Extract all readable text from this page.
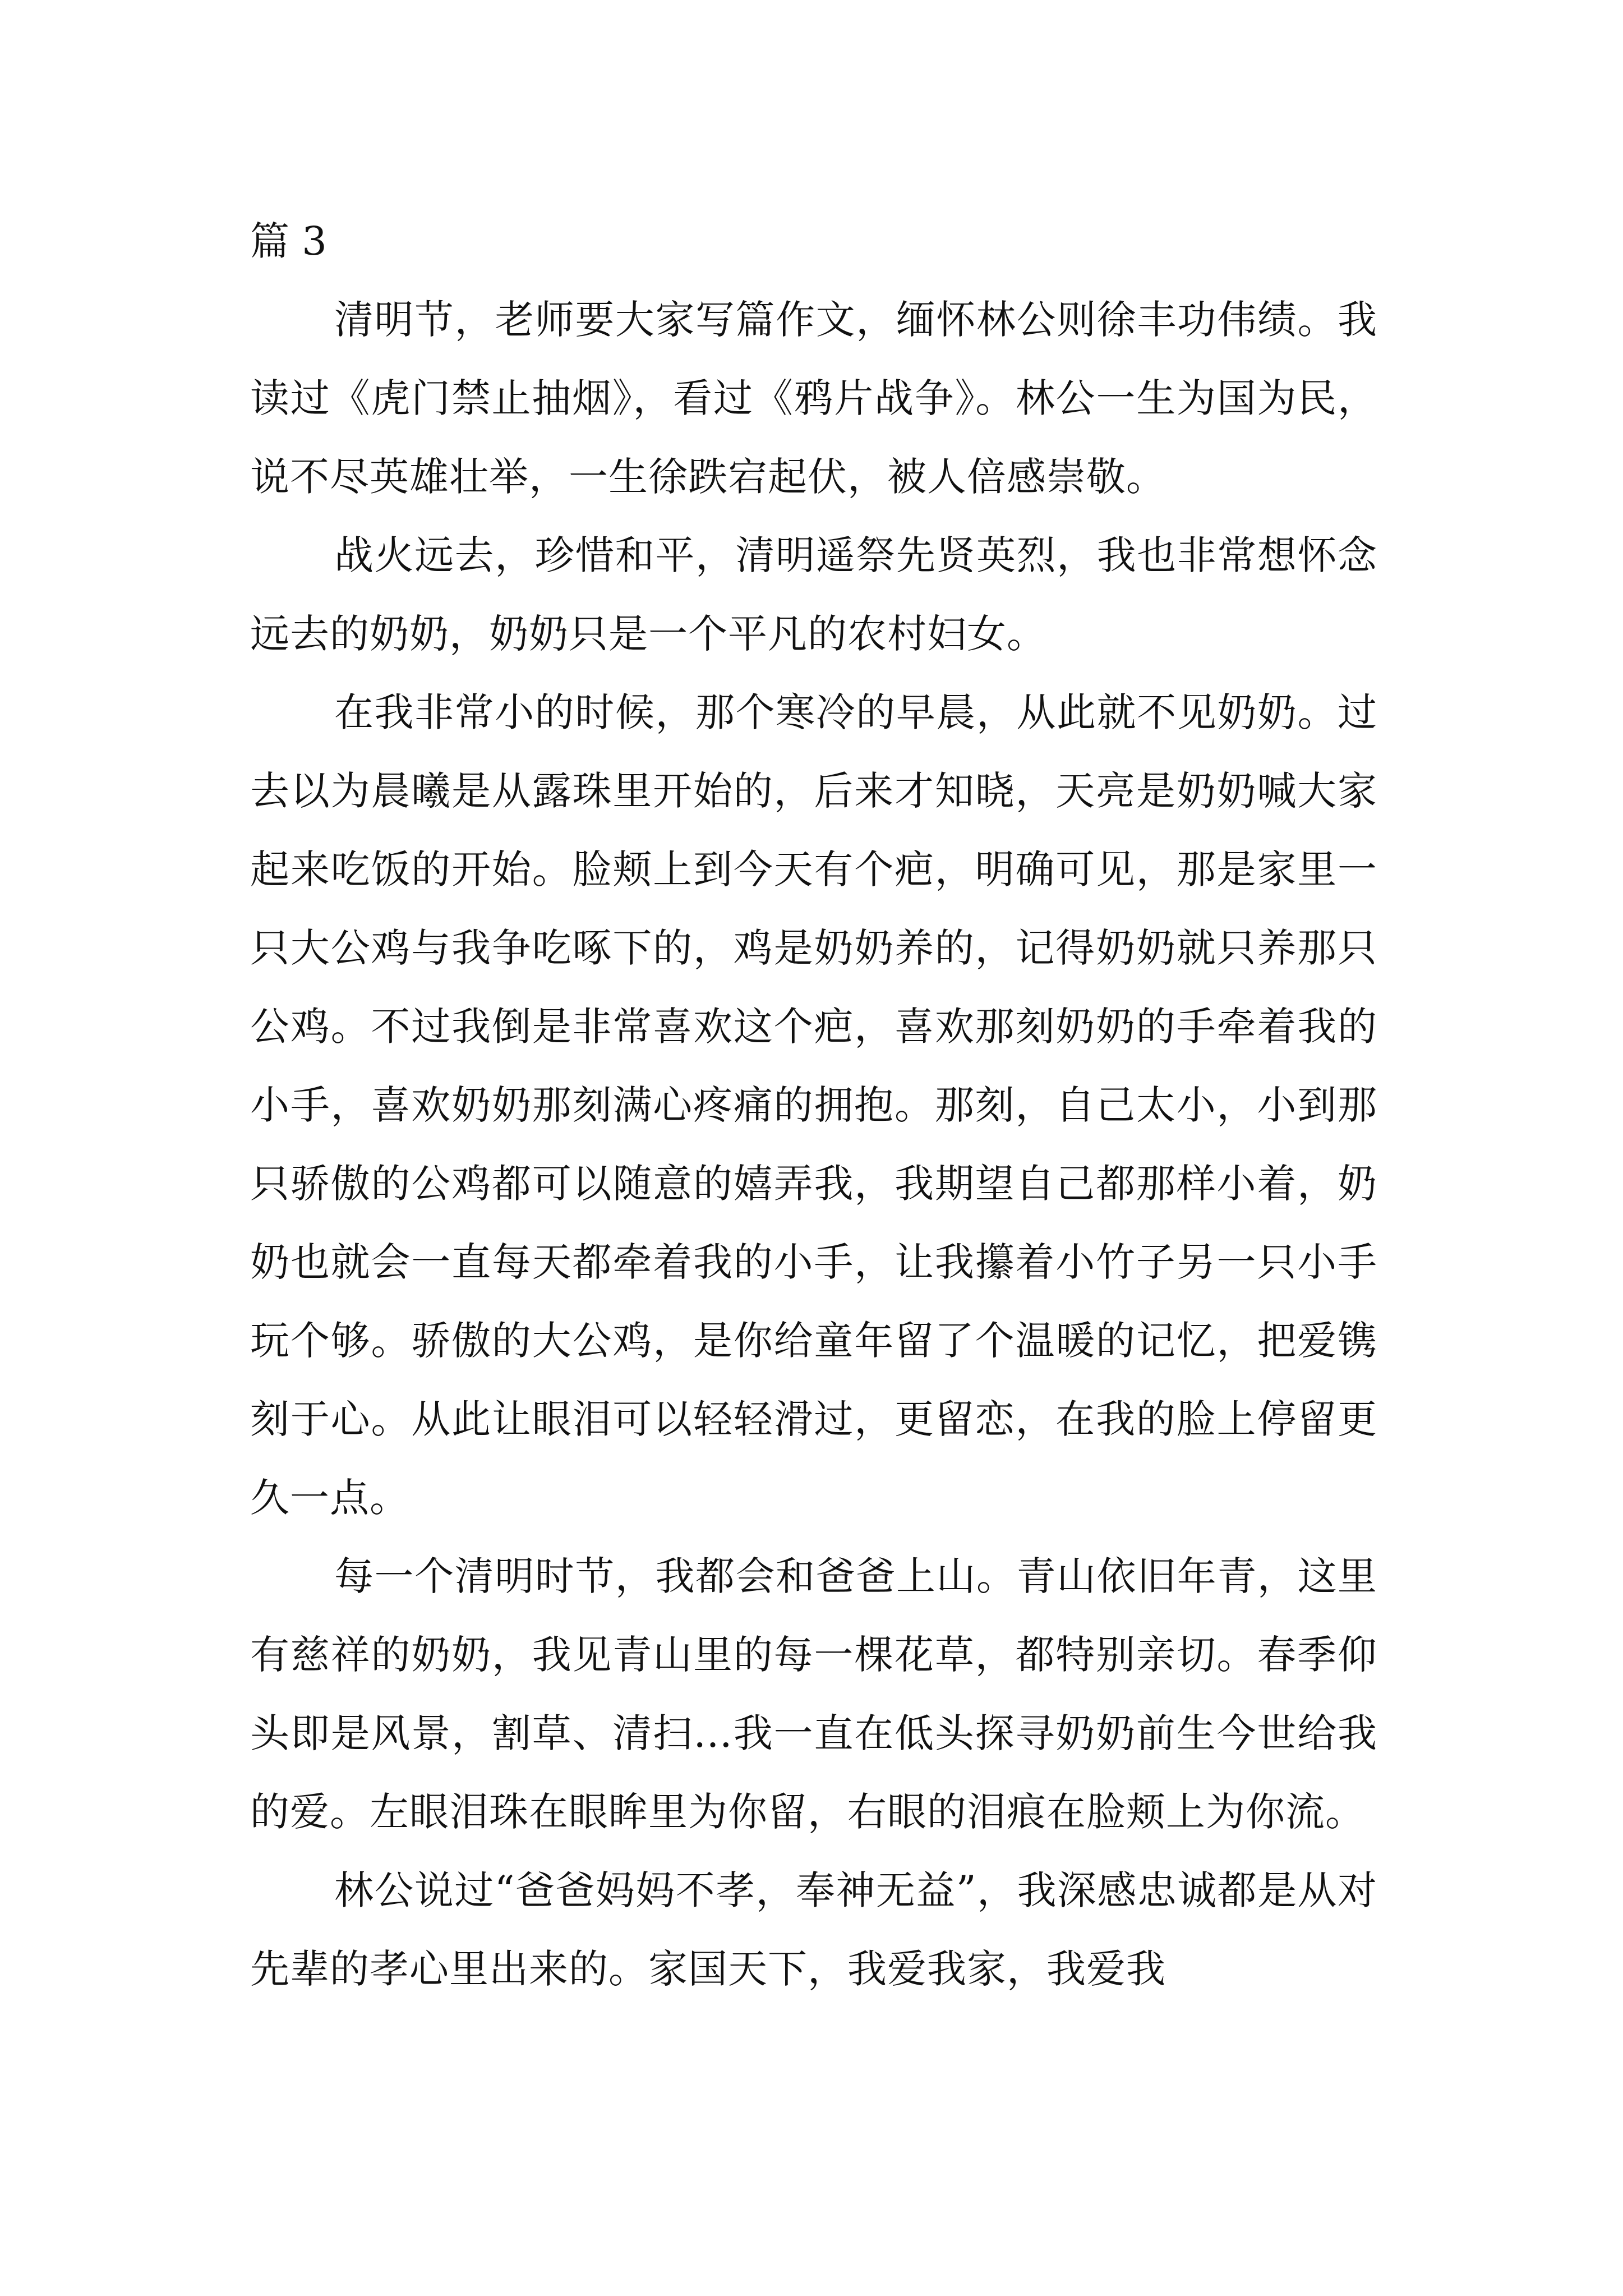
篇 3

清明节，老师要大家写篇作文，缅怀林公则徐丰功伟绩。我读过《虎门禁止抽烟》，看过《鸦片战争》。林公一生为国为民，说不尽英雄壮举，一生徐跌宕起伏，被人倍感崇敬。

战火远去，珍惜和平，清明遥祭先贤英烈，我也非常想怀念远去的奶奶，奶奶只是一个平凡的农村妇女。

在我非常小的时候，那个寒冷的早晨，从此就不见奶奶。过去以为晨曦是从露珠里开始的，后来才知晓，天亮是奶奶喊大家起来吃饭的开始。脸颊上到今天有个疤，明确可见，那是家里一只大公鸡与我争吃啄下的，鸡是奶奶养的，记得奶奶就只养那只公鸡。不过我倒是非常喜欢这个疤，喜欢那刻奶奶的手牵着我的小手，喜欢奶奶那刻满心疼痛的拥抱。那刻，自己太小，小到那只骄傲的公鸡都可以随意的嬉弄我，我期望自己都那样小着，奶奶也就会一直每天都牵着我的小手，让我攥着小竹子另一只小手玩个够。骄傲的大公鸡，是你给童年留了个温暖的记忆，把爱镌刻于心。从此让眼泪可以轻轻滑过，更留恋，在我的脸上停留更久一点。

每一个清明时节，我都会和爸爸上山。青山依旧年青，这里有慈祥的奶奶，我见青山里的每一棵花草，都特别亲切。春季仰头即是风景，割草、清扫…我一直在低头探寻奶奶前生今世给我的爱。左眼泪珠在眼眸里为你留，右眼的泪痕在脸颊上为你流。

林公说过“爸爸妈妈不孝，奉神无益”，我深感忠诚都是从对先辈的孝心里出来的。家国天下，我爱我家，我爱我
